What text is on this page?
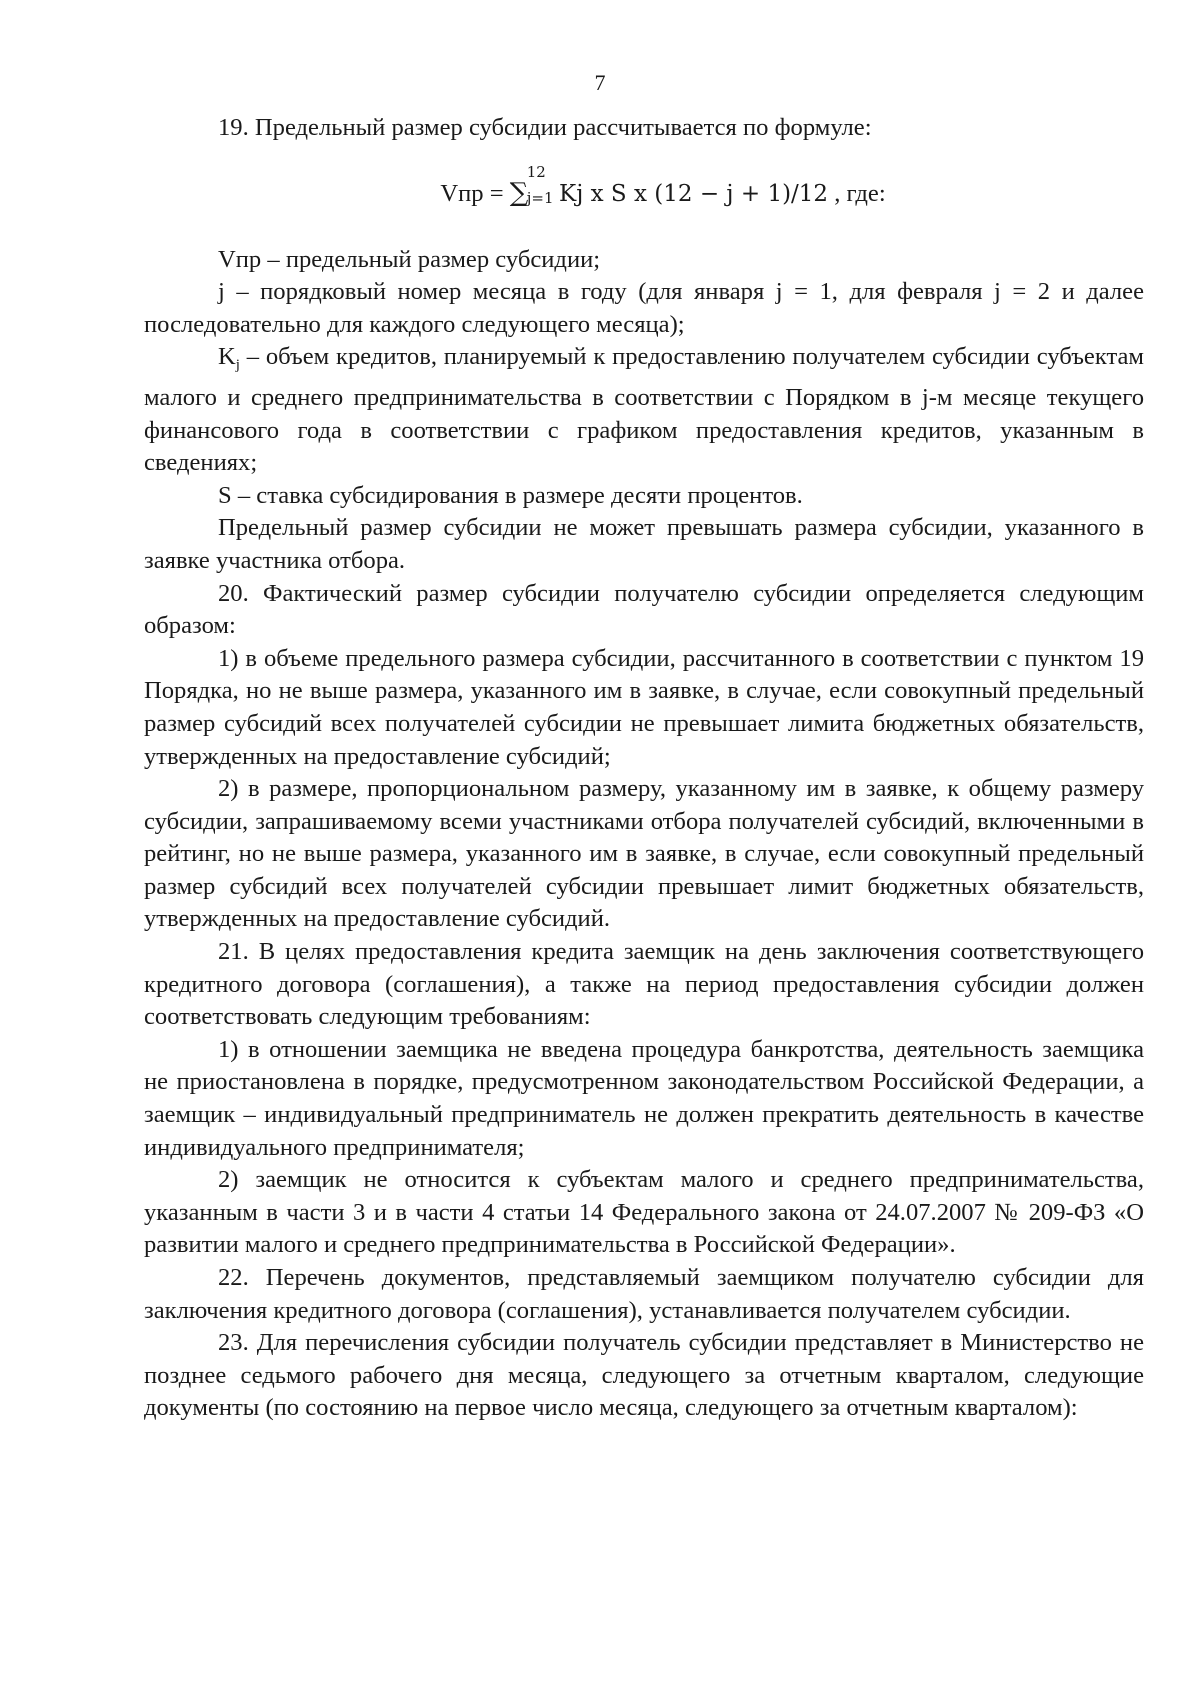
7

19. Предельный размер субсидии рассчитывается по формуле:

Vпр = ∑
12
j=1
Kj x S x (12 − j + 1)/12 , где:

Vпр – предельный размер субсидии;

j – порядковый номер месяца в году (для января j = 1, для февраля j = 2 и далее последовательно для каждого следующего месяца);

$K_j$ – объем кредитов, планируемый к предоставлению получателем субсидии субъектам малого и среднего предпринимательства в соответствии с Порядком в j-м месяце текущего финансового года в соответствии с графиком предоставления кредитов, указанным в сведениях;

S – ставка субсидирования в размере десяти процентов.

Предельный размер субсидии не может превышать размера субсидии, указанного в заявке участника отбора.

20. Фактический размер субсидии получателю субсидии определяется следующим образом:

1) в объеме предельного размера субсидии, рассчитанного в соответствии с пунктом 19 Порядка, но не выше размера, указанного им в заявке, в случае, если совокупный предельный размер субсидий всех получателей субсидии не превышает лимита бюджетных обязательств, утвержденных на предоставление субсидий;

2) в размере, пропорциональном размеру, указанному им в заявке, к общему размеру субсидии, запрашиваемому всеми участниками отбора получателей субсидий, включенными в рейтинг, но не выше размера, указанного им в заявке, в случае, если совокупный предельный размер субсидий всех получателей субсидии превышает лимит бюджетных обязательств, утвержденных на предоставление субсидий.

21. В целях предоставления кредита заемщик на день заключения соответствующего кредитного договора (соглашения), а также на период предоставления субсидии должен соответствовать следующим требованиям:

1) в отношении заемщика не введена процедура банкротства, деятельность заемщика не приостановлена в порядке, предусмотренном законодательством Российской Федерации, а заемщик – индивидуальный предприниматель не должен прекратить деятельность в качестве индивидуального предпринимателя;

2) заемщик не относится к субъектам малого и среднего предпринимательства, указанным в части 3 и в части 4 статьи 14 Федерального закона от 24.07.2007 № 209-ФЗ «О развитии малого и среднего предпринимательства в Российской Федерации».

22. Перечень документов, представляемый заемщиком получателю субсидии для заключения кредитного договора (соглашения), устанавливается получателем субсидии.

23. Для перечисления субсидии получатель субсидии представляет в Министерство не позднее седьмого рабочего дня месяца, следующего за отчетным кварталом, следующие документы (по состоянию на первое число месяца, следующего за отчетным кварталом):
